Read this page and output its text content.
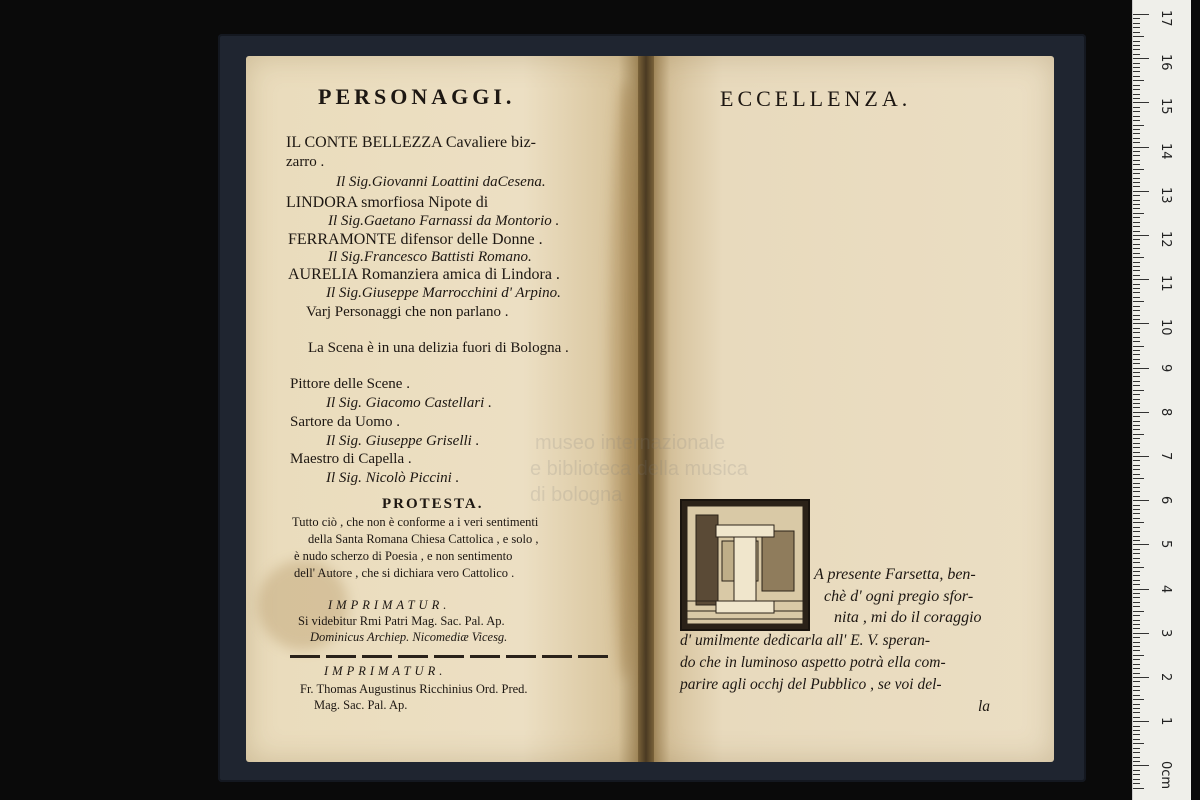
museo internazionale
e biblioteca della musica
di bologna
PERSONAGGI.
IL CONTE BELLEZZA Cavaliere biz-
zarro .
Il Sig.Giovanni Loattini daCesena.
LINDORA smorfiosa Nipote di
Il Sig.Gaetano Farnassi da Montorio .
FERRAMONTE difensor delle Donne .
Il Sig.Francesco Battisti Romano.
AURELIA Romanziera amica di Lindora .
Il Sig.Giuseppe Marrocchini d' Arpino.
Varj Personaggi che non parlano .
La Scena è in una delizia fuori di Bologna .
Pittore delle Scene .
Il Sig. Giacomo Castellari .
Sartore da Uomo .
Il Sig. Giuseppe Griselli .
Maestro di Capella .
Il Sig. Nicolò Piccini .
PROTESTA.
Tutto ciò , che non è conforme a i veri sentimenti
della Santa Romana Chiesa Cattolica , e solo ,
è nudo scherzo di Poesia , e non sentimento
dell' Autore , che si dichiara vero Cattolico .
IMPRIMATUR.
Si videbitur Rmi Patri Mag. Sac. Pal. Ap.
Dominicus Archiep. Nicomediæ Vicesg.
IMPRIMATUR.
Fr. Thomas Augustinus Ricchinius Ord. Pred.
Mag. Sac. Pal. Ap.
ECCELLENZA.
A presente Farsetta, ben-
chè d' ogni pregio sfor-
nita , mi do il coraggio
d' umilmente dedicarla all' E. V. speran-
do che in luminoso aspetto potrà ella com-
parire agli occhj del Pubblico , se voi del-
la
17
16
15
14
13
12
11
10
9
8
7
6
5
4
3
2
1
0cm
